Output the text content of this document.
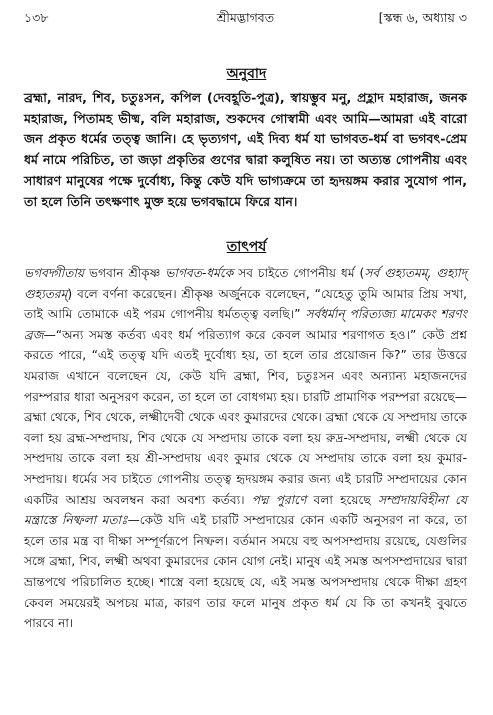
১৩৮	শ্রীমদ্ভাগবত	[স্কন্ধ ৬, অধ্যায় ৩
অনুবাদ
ব্রহ্মা, নারদ, শিব, চতুঃসন, কপিল (দেবহূতি-পুত্র), স্বায়ম্ভুব মনু, প্রহ্লাদ মহারাজ, জনক মহারাজ, পিতামহ ভীষ্ম, বলি মহারাজ, শুকদেব গোস্বামী এবং আমি—আমরা এই বারো জন প্রকৃত ধর্মের তত্ত্ব জানি। হে ভৃত্যগণ, এই দিব্য ধর্ম যা ভাগবত-ধর্ম বা ভগবৎ-প্রেম ধর্ম নামে পরিচিত, তা জড়া প্রকৃতির গুণের দ্বারা কলুষিত নয়। তা অত্যন্ত গোপনীয় এবং সাধারণ মানুষের পক্ষে দুর্বোধ্য, কিন্তু কেউ যদি ভাগ্যক্রমে তা হৃদয়ঙ্গম করার সুযোগ পান, তা হলে তিনি তৎক্ষণাৎ মুক্ত হয়ে ভগবদ্ধামে ফিরে যান।
তাৎপর্য
ভগবদ্গীতায় ভগবান শ্রীকৃষ্ণ ভাগবত-ধর্মকে সব চাইতে গোপনীয় ধর্ম (সর্ব গুহ্যতমম্, গুহ্যাদ্ গুহ্যতরম্) বলে বর্ণনা করেছেন। শ্রীকৃষ্ণ অর্জুনকে বলেছেন, “যেহেতু তুমি আমার প্রিয় সখা, তাই আমি তোমাকে এই পরম গোপনীয় ধর্মতত্ত্ব বলছি।” সর্বধর্মান্ পরিত্যজ্য মামেকং শরণং ব্রজ—“অন্য সমস্ত কর্তব্য এবং ধর্ম পরিত্যাগ করে কেবল আমার শরণাগত হও।” কেউ প্রশ্ন করতে পারে, “এই তত্ত্ব যদি এতই দুর্বোধ্য হয়, তা হলে তার প্রয়োজন কি?” তার উত্তরে যমরাজ এখানে বলেছেন যে, কেউ যদি ব্রহ্মা, শিব, চতুঃসন এবং অন্যান্য মহাজনদের পরম্পরার ধারা অনুসরণ করেন, তা হলে তা বোধগম্য হয়। চারটি প্রামাণিক পরম্পরা রয়েছে—ব্রহ্মা থেকে, শিব থেকে, লক্ষ্মীদেবী থেকে এবং কুমারদের থেকে। ব্রহ্মা থেকে যে সম্প্রদায় তাকে বলা হয় ব্রহ্ম-সম্প্রদায়, শিব থেকে যে সম্প্রদায় তাকে বলা হয় রুদ্র-সম্প্রদায়, লক্ষ্মী থেকে যে সম্প্রদায় তাকে বলা হয় শ্রী-সম্প্রদায় এবং কুমার থেকে যে সম্প্রদায় তাকে বলা হয় কুমার-সম্প্রদায়। ধর্মের সব চাইতে গোপনীয় তত্ত্ব হৃদয়ঙ্গম করার জন্য এই চারটি সম্প্রদায়ের কোন একটির আশ্রয় অবলম্বন করা অবশ্য কর্তব্য। পদ্ম পুরাণে বলা হয়েছে সম্প্রদায়বিহীনা যে মন্ত্রাস্তে নিষ্ফলা মতাঃ—কেউ যদি এই চারটি সম্প্রদায়ের কোন একটি অনুসরণ না করে, তা হলে তার মন্ত্র বা দীক্ষা সম্পূর্ণরূপে নিষ্ফল। বর্তমান সময়ে বহু অপসম্প্রদায় রয়েছে, যেগুলির সঙ্গে ব্রহ্মা, শিব, লক্ষ্মী অথবা কুমারদের কোন যোগ নেই। মানুষ এই সমস্ত অপসম্প্রদায়ের দ্বারা ভ্রান্তপথে পরিচালিত হচ্ছে। শাস্ত্রে বলা হয়েছে যে, এই সমস্ত অপসম্প্রদায় থেকে দীক্ষা গ্রহণ কেবল সময়েরই অপচয় মাত্র, কারণ তার ফলে মানুষ প্রকৃত ধর্ম যে কি তা কখনই বুঝতে পারবে না।
